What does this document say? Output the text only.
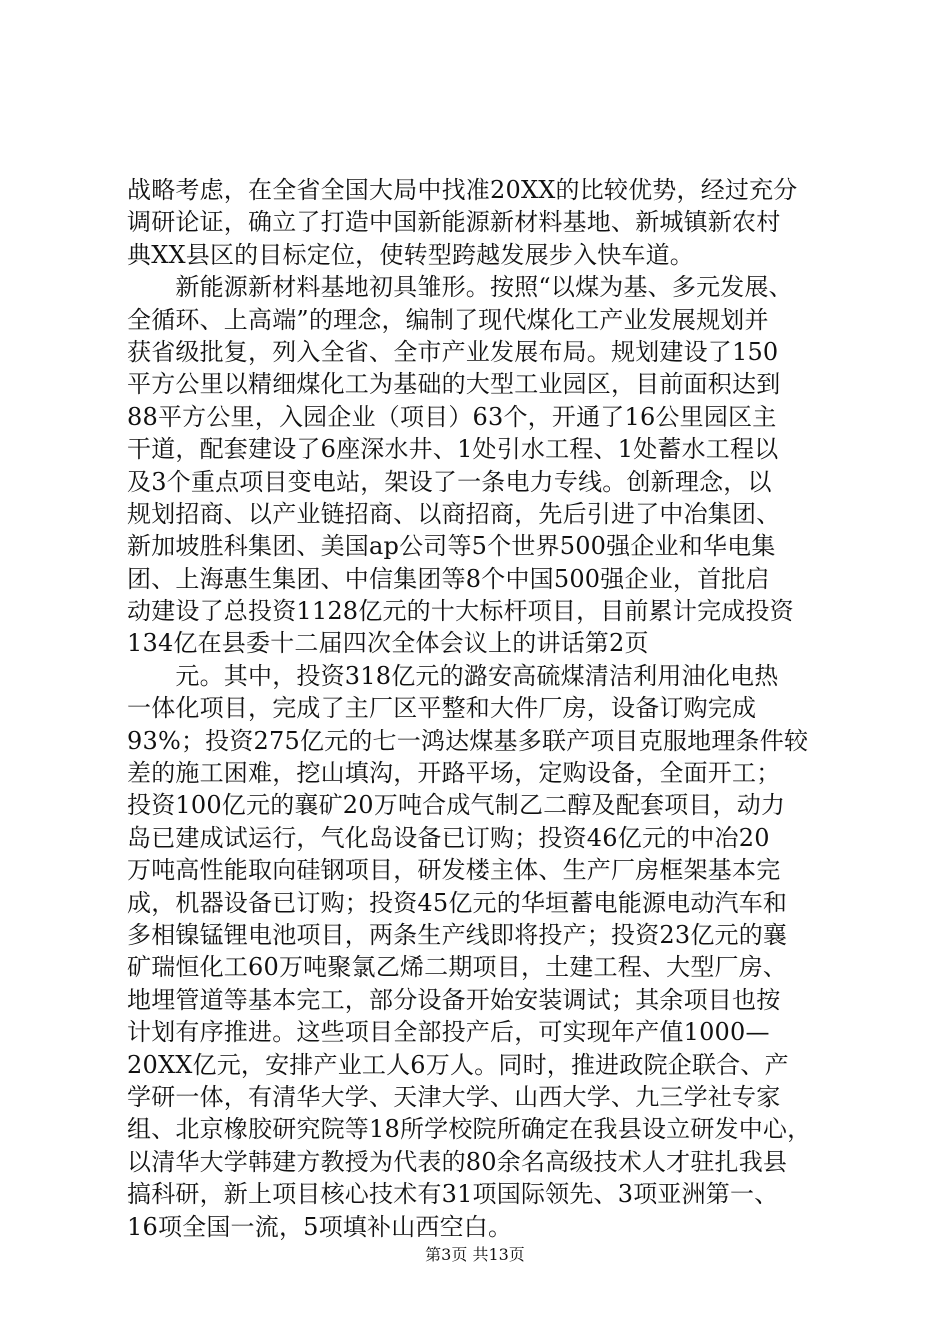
战略考虑，在全省全国大局中找准20XX的比较优势，经过充分
调研论证，确立了打造中国新能源新材料基地、新城镇新农村
典XX县区的目标定位，使转型跨越发展步入快车道。
　　新能源新材料基地初具雏形。按照“以煤为基、多元发展、
全循环、上高端”的理念，编制了现代煤化工产业发展规划并
获省级批复，列入全省、全市产业发展布局。规划建设了150
平方公里以精细煤化工为基础的大型工业园区，目前面积达到
88平方公里，入园企业（项目）63个，开通了16公里园区主
干道，配套建设了6座深水井、1处引水工程、1处蓄水工程以
及3个重点项目变电站，架设了一条电力专线。创新理念，以
规划招商、以产业链招商、以商招商，先后引进了中冶集团、
新加坡胜科集团、美国ap公司等5个世界500强企业和华电集
团、上海惠生集团、中信集团等8个中国500强企业，首批启
动建设了总投资1128亿元的十大标杆项目，目前累计完成投资
134亿在县委十二届四次全体会议上的讲话第2页
　　元。其中，投资318亿元的潞安高硫煤清洁利用油化电热
一体化项目，完成了主厂区平整和大件厂房，设备订购完成
93%；投资275亿元的七一鸿达煤基多联产项目克服地理条件较
差的施工困难，挖山填沟，开路平场，定购设备，全面开工；
投资100亿元的襄矿20万吨合成气制乙二醇及配套项目，动力
岛已建成试运行，气化岛设备已订购；投资46亿元的中冶20
万吨高性能取向硅钢项目，研发楼主体、生产厂房框架基本完
成，机器设备已订购；投资45亿元的华垣蓄电能源电动汽车和
多相镍锰锂电池项目，两条生产线即将投产；投资23亿元的襄
矿瑞恒化工60万吨聚氯乙烯二期项目，土建工程、大型厂房、
地埋管道等基本完工，部分设备开始安装调试；其余项目也按
计划有序推进。这些项目全部投产后，可实现年产值1000—
20XX亿元，安排产业工人6万人。同时，推进政院企联合、产
学研一体，有清华大学、天津大学、山西大学、九三学社专家
组、北京橡胶研究院等18所学校院所确定在我县设立研发中心，
以清华大学韩建方教授为代表的80余名高级技术人才驻扎我县
搞科研，新上项目核心技术有31项国际领先、3项亚洲第一、
16项全国一流，5项填补山西空白。
第3页 共13页
